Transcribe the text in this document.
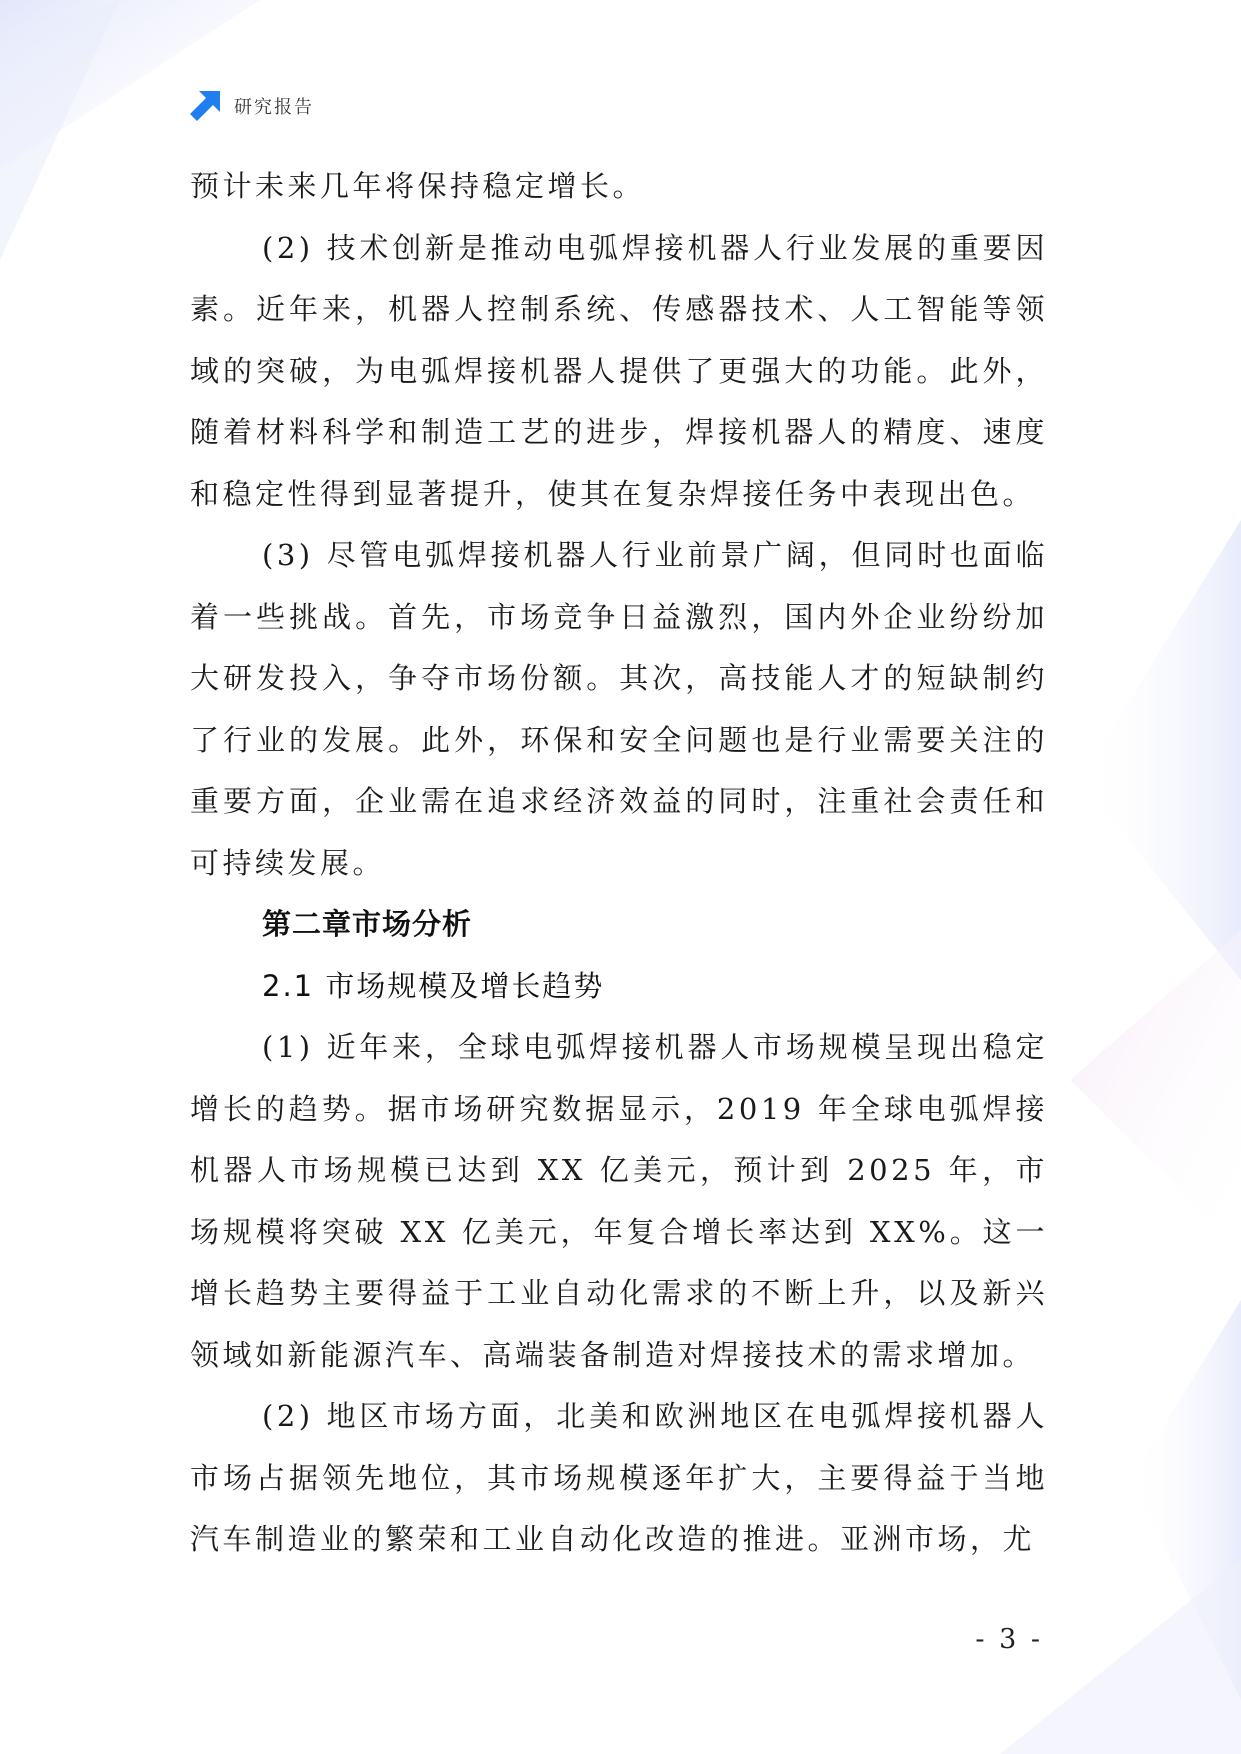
研究报告

预计未来几年将保持稳定增长。

(2) 技术创新是推动电弧焊接机器人行业发展的重要因素。近年来，机器人控制系统、传感器技术、人工智能等领域的突破，为电弧焊接机器人提供了更强大的功能。此外，随着材料科学和制造工艺的进步，焊接机器人的精度、速度和稳定性得到显著提升，使其在复杂焊接任务中表现出色。

(3) 尽管电弧焊接机器人行业前景广阔，但同时也面临着一些挑战。首先，市场竞争日益激烈，国内外企业纷纷加大研发投入，争夺市场份额。其次，高技能人才的短缺制约了行业的发展。此外，环保和安全问题也是行业需要关注的重要方面，企业需在追求经济效益的同时，注重社会责任和可持续发展。

第二章市场分析

2.1 市场规模及增长趋势

(1) 近年来，全球电弧焊接机器人市场规模呈现出稳定增长的趋势。据市场研究数据显示，2019 年全球电弧焊接机器人市场规模已达到 XX 亿美元，预计到 2025 年，市场规模将突破 XX 亿美元，年复合增长率达到 XX%。这一增长趋势主要得益于工业自动化需求的不断上升，以及新兴领域如新能源汽车、高端装备制造对焊接技术的需求增加。

(2) 地区市场方面，北美和欧洲地区在电弧焊接机器人市场占据领先地位，其市场规模逐年扩大，主要得益于当地汽车制造业的繁荣和工业自动化改造的推进。亚洲市场，尤

- 3 -
